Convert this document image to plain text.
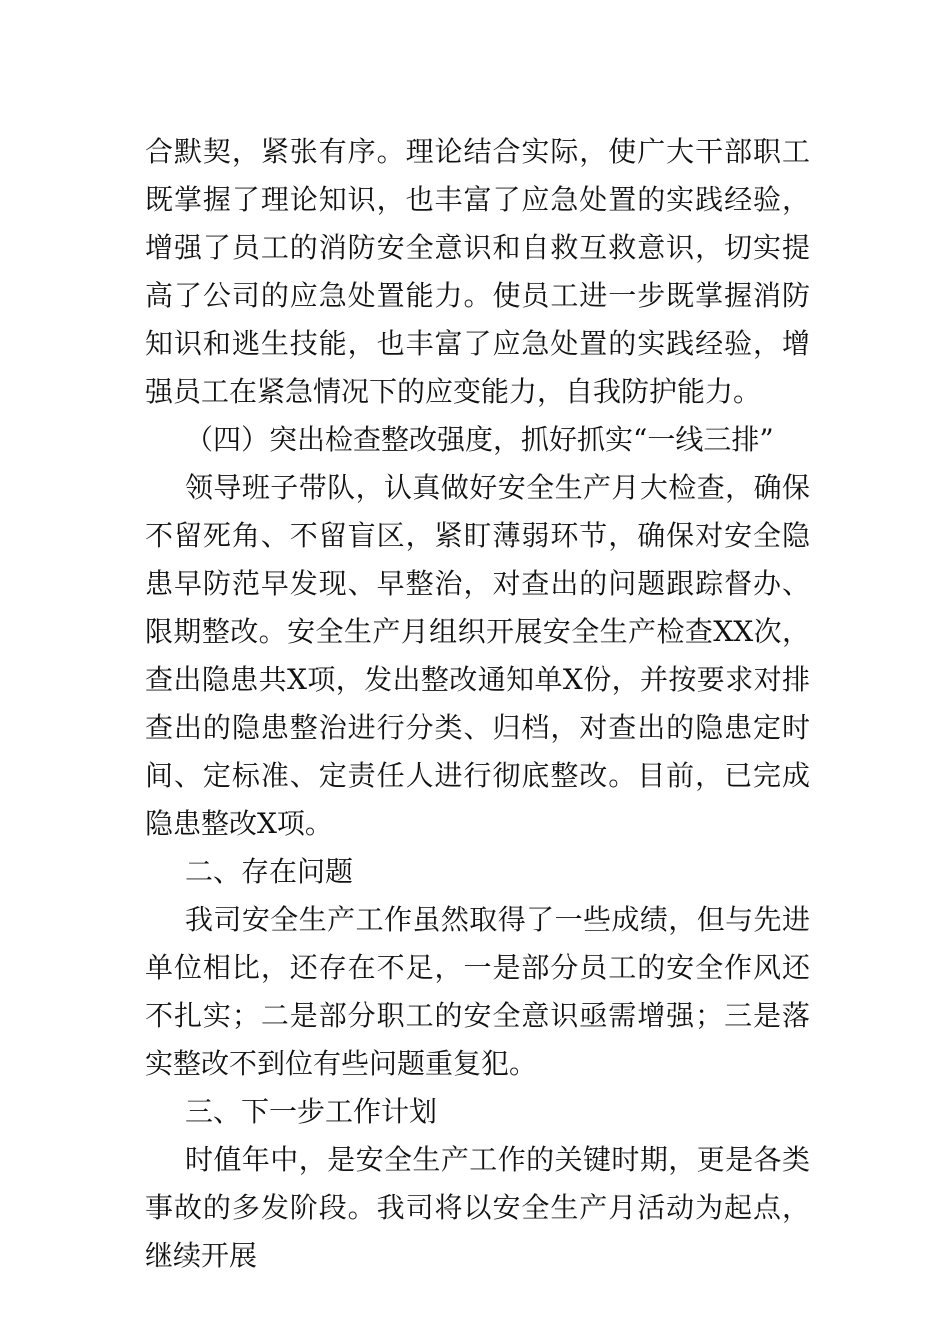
合默契，紧张有序。理论结合实际，使广大干部职工既掌握了理论知识，也丰富了应急处置的实践经验，增强了员工的消防安全意识和自救互救意识，切实提高了公司的应急处置能力。使员工进一步既掌握消防知识和逃生技能，也丰富了应急处置的实践经验，增强员工在紧急情况下的应变能力，自我防护能力。

（四）突出检查整改强度，抓好抓实“一线三排”

领导班子带队，认真做好安全生产月大检查，确保不留死角、不留盲区，紧盯薄弱环节，确保对安全隐患早防范早发现、早整治，对查出的问题跟踪督办、限期整改。安全生产月组织开展安全生产检查XX次，查出隐患共X项，发出整改通知单X份，并按要求对排查出的隐患整治进行分类、归档，对查出的隐患定时间、定标准、定责任人进行彻底整改。目前，已完成隐患整改X项。

二、存在问题

我司安全生产工作虽然取得了一些成绩，但与先进单位相比，还存在不足，一是部分员工的安全作风还不扎实；二是部分职工的安全意识亟需增强；三是落实整改不到位有些问题重复犯。

三、下一步工作计划

时值年中，是安全生产工作的关键时期，更是各类事故的多发阶段。我司将以安全生产月活动为起点，继续开展
